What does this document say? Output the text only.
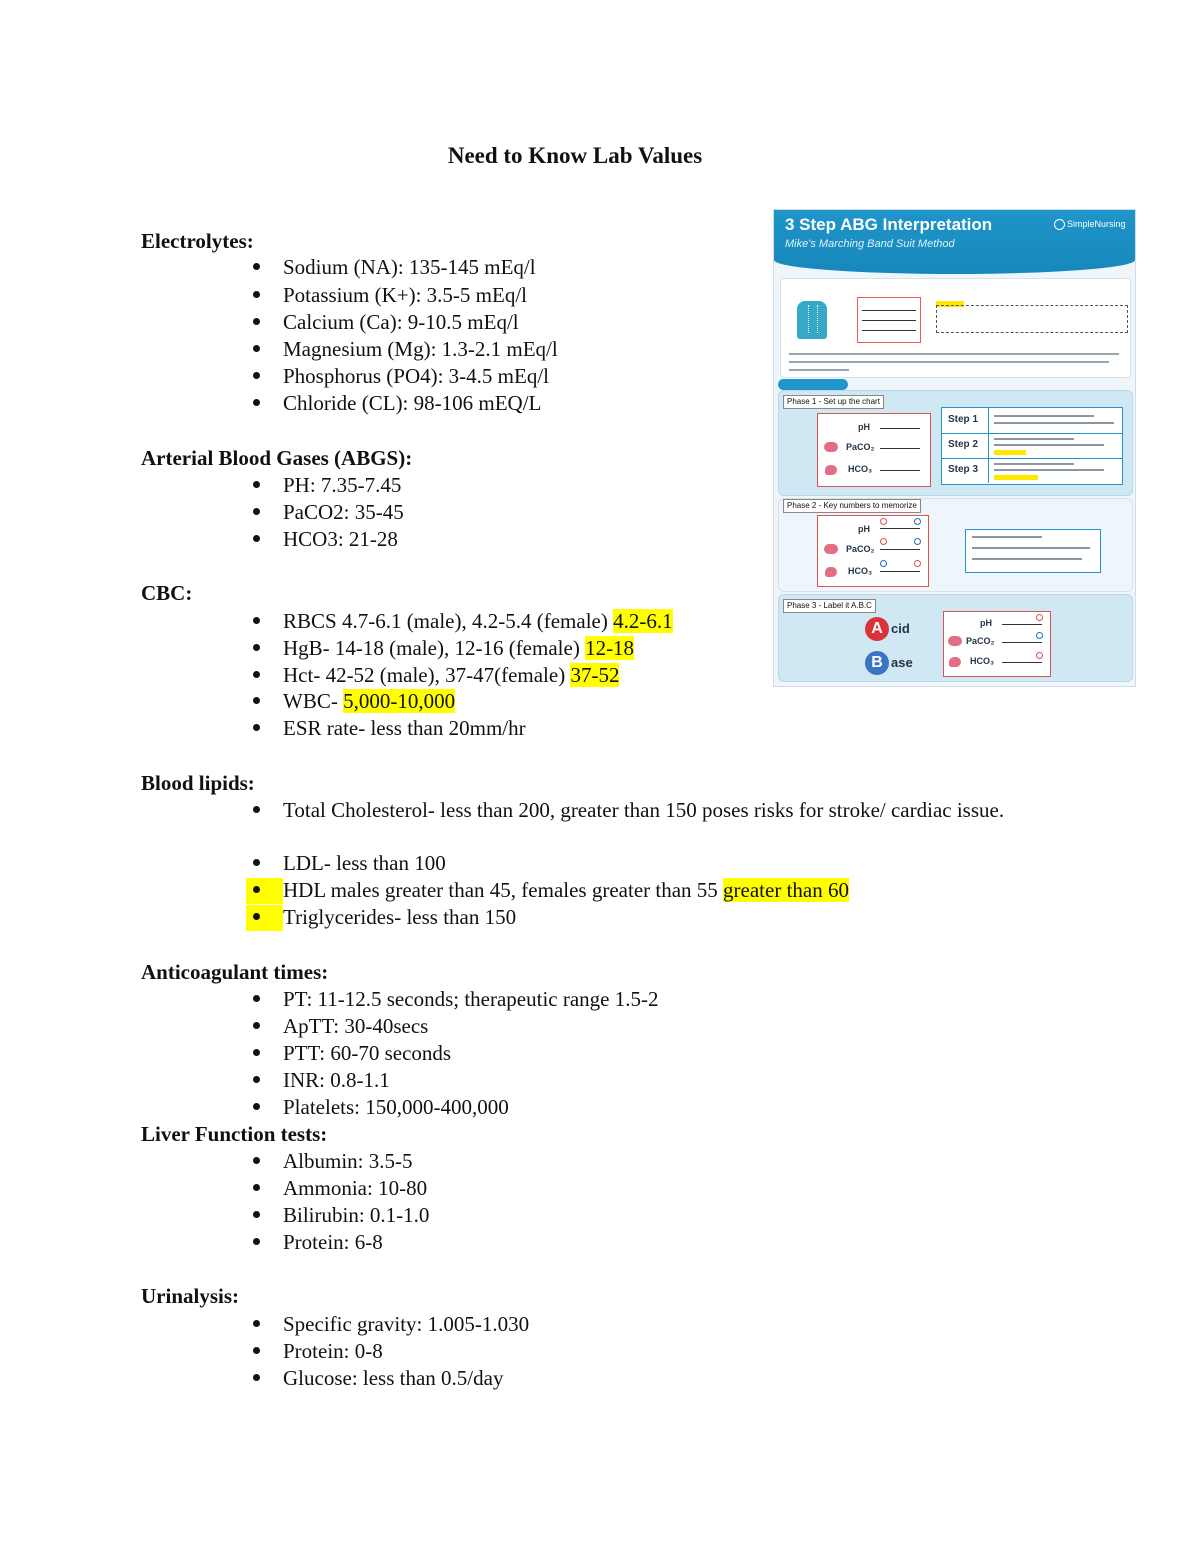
Need to Know Lab Values
Electrolytes:
Sodium (NA): 135-145 mEq/l
Potassium (K+): 3.5-5 mEq/l
Calcium (Ca): 9-10.5 mEq/l
Magnesium (Mg): 1.3-2.1 mEq/l
Phosphorus (PO4): 3-4.5 mEq/l
Chloride (CL): 98-106 mEQ/L
Arterial Blood Gases (ABGS):
PH: 7.35-7.45
PaCO2: 35-45
HCO3: 21-28
CBC:
RBCS 4.7-6.1 (male), 4.2-5.4 (female) 4.2-6.1
HgB- 14-18 (male), 12-16 (female) 12-18
Hct- 42-52 (male), 37-47(female) 37-52
WBC- 5,000-10,000
ESR rate- less than 20mm/hr
Blood lipids:
Total Cholesterol- less than 200, greater than 150 poses risks for stroke/ cardiac issue.
LDL- less than 100
HDL males greater than 45, females greater than 55 greater than 60
Triglycerides- less than 150
Anticoagulant times:
PT: 11-12.5 seconds; therapeutic range 1.5-2
ApTT: 30-40secs
PTT: 60-70 seconds
INR: 0.8-1.1
Platelets: 150,000-400,000
Liver Function tests:
Albumin: 3.5-5
Ammonia: 10-80
Bilirubin: 0.1-1.0
Protein: 6-8
Urinalysis:
Specific gravity: 1.005-1.030
Protein: 0-8
Glucose: less than 0.5/day
3 Step ABG Interpretation
Mike's Marching Band Suit Method
SimpleNursing
Phase 1 - Set up the chart
pH
PaCO₂
HCO₃
Step 1
Step 2
Step 3
Phase 2 - Key numbers to memorize
pH
PaCO₂
HCO₃
Phase 3 - Label it A.B.C
A cid
B ase
pH
PaCO₂
HCO₃
